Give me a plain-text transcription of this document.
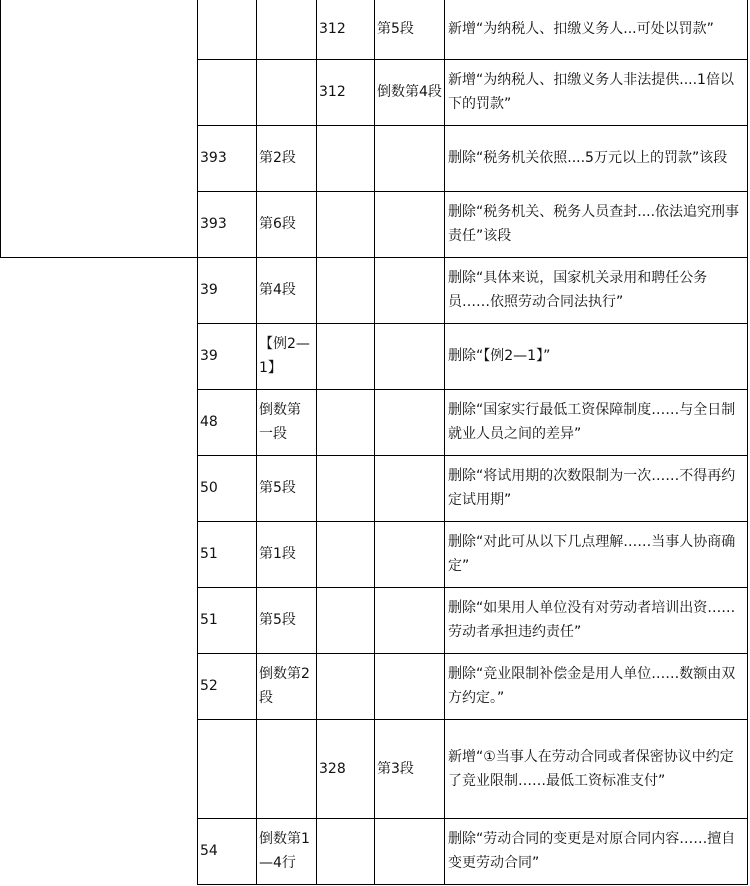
			312	第5段	新增“为纳税人、扣缴义务人...可处以罚款”
			312	倒数第4段	新增“为纳税人、扣缴义务人非法提供....1倍以下的罚款”
	393	第2段			删除“税务机关依照....5万元以上的罚款”该段
	393	第6段			删除“税务机关、税务人员查封....依法追究刑事责任”该段
	39	第4段			删除“具体来说，国家机关录用和聘任公务员……依照劳动合同法执行”
	39	【例2—1】			删除“【例2—1】”
	48	倒数第一段			删除“国家实行最低工资保障制度……与全日制就业人员之间的差异”
	50	第5段			删除“将试用期的次数限制为一次……不得再约定试用期”
	51	第1段			删除“对此可从以下几点理解……当事人协商确定”
	51	第5段			删除“如果用人单位没有对劳动者培训出资……劳动者承担违约责任”
	52	倒数第2段			删除“竞业限制补偿金是用人单位……数额由双方约定。”
			328	第3段	新增“①当事人在劳动合同或者保密协议中约定了竞业限制……最低工资标准支付”
	54	倒数第1—4行			删除“劳动合同的变更是对原合同内容……擅自变更劳动合同”
